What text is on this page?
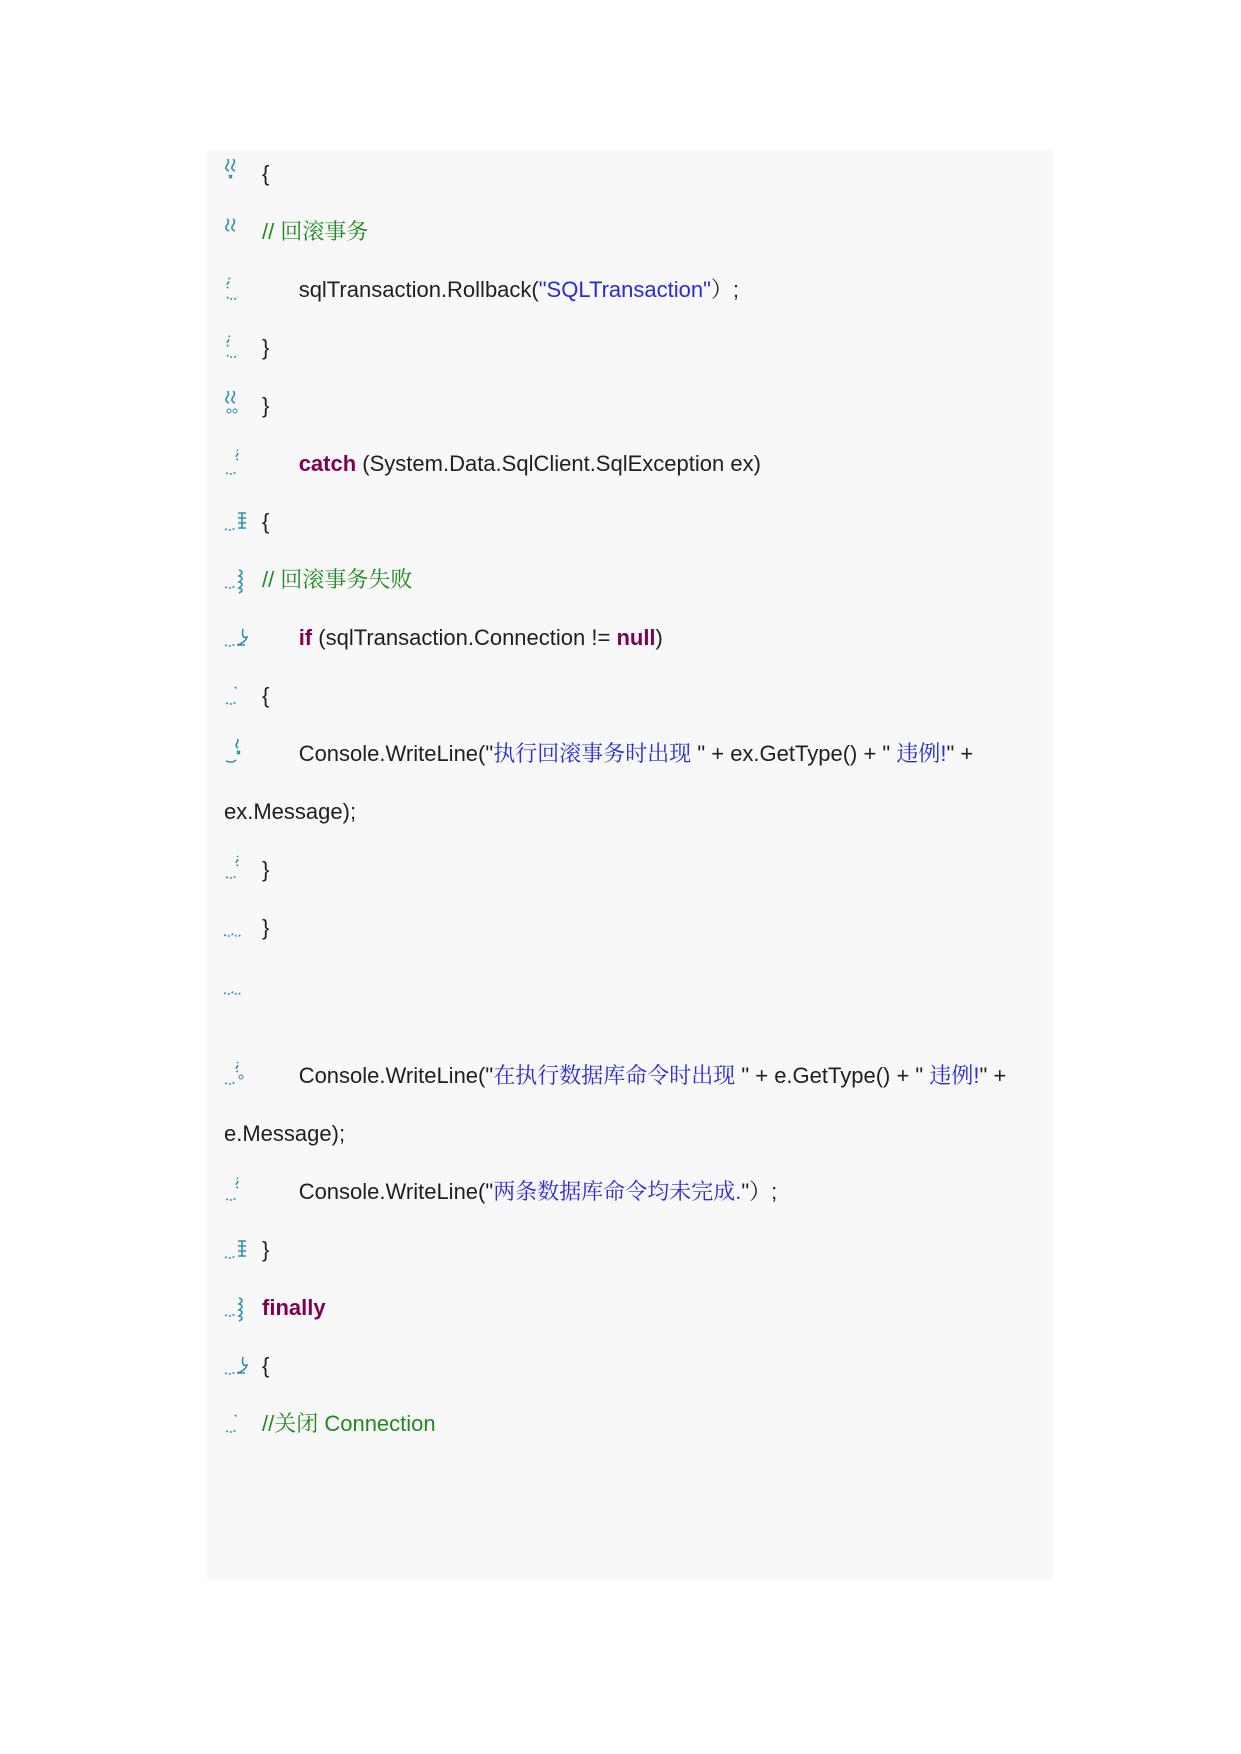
{
// 回滚事务

sqlTransaction.Rollback("SQLTransaction"）;

}
}

catch (System.Data.SqlClient.SqlException ex)

{
// 回滚事务失败

if (sqlTransaction.Connection != null)

{

Console.WriteLine("执行回滚事务时出现 " + ex.GetType() + " 违例!" +

ex.Message);
}
}

Console.WriteLine("在执行数据库命令时出现 " + e.GetType() + " 违例!" +

e.Message);

Console.WriteLine("两条数据库命令均未完成."）;

}
finally
{
//关闭 Connection
